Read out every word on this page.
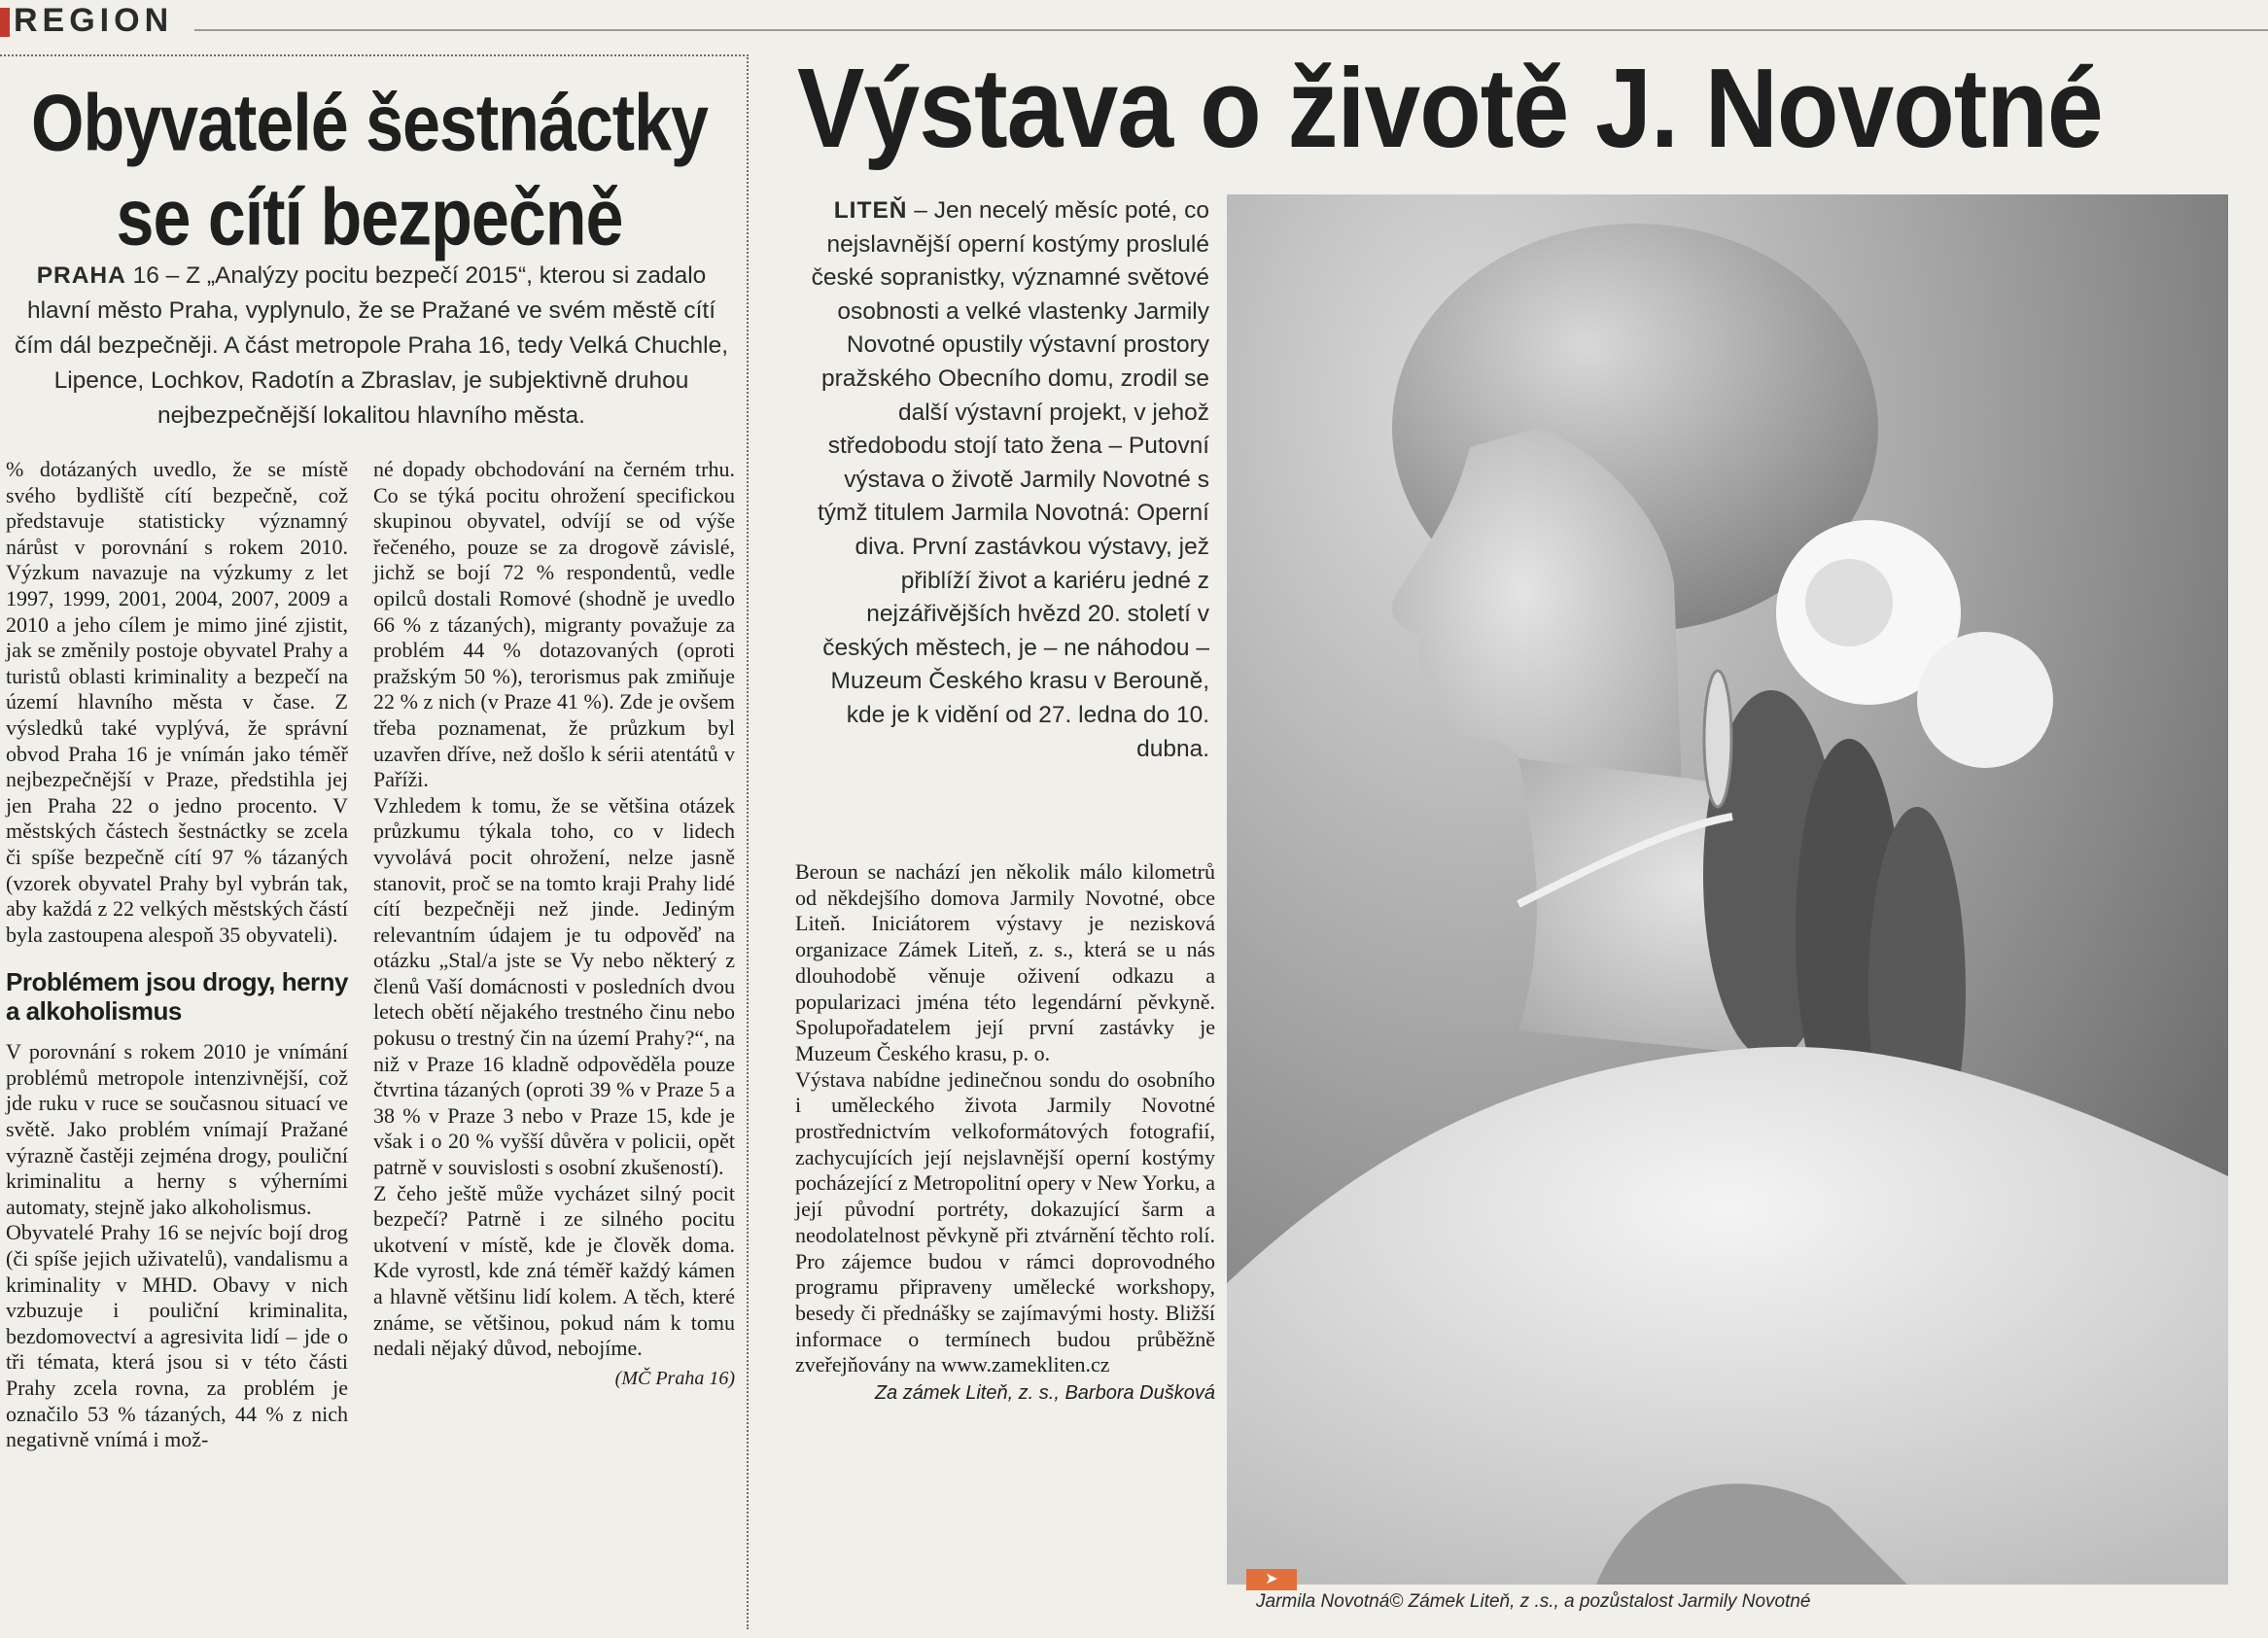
REGION
Obyvatelé šestnáctky
se cítí bezpečně
PRAHA 16 – Z „Analýzy pocitu bezpečí 2015“, kterou si zadalo hlavní město Praha, vyplynulo, že se Pražané ve svém městě cítí čím dál bezpečněji. A část metropole Praha 16, tedy Velká Chuchle, Lipence, Lochkov, Radotín a Zbraslav, je subjektivně druhou nejbezpečnější lokalitou hlavního města.

% dotázaných uvedlo, že se místě svého bydliště cítí bezpečně, což představuje statisticky významný nárůst v porovnání s rokem 2010. Výzkum navazuje na výzkumy z let 1997, 1999, 2001, 2004, 2007, 2009 a 2010 a jeho cílem je mimo jiné zjistit, jak se změnily postoje obyvatel Prahy a turistů oblasti kriminality a bezpečí na území hlavního města v čase. Z výsledků také vyplývá, že správní obvod Praha 16 je vnímán jako téměř nejbezpečnější v Praze, předstihla jej jen Praha 22 o jedno procento. V městských částech šestnáctky se zcela či spíše bezpečně cítí 97 % tázaných (vzorek obyvatel Prahy byl vybrán tak, aby každá z 22 velkých městských částí byla zastoupena alespoň 35 obyvateli).

Problémem jsou drogy, herny a alkoholismus

V porovnání s rokem 2010 je vnímání problémů metropole intenzivnější, což jde ruku v ruce se současnou situací ve světě. Jako problém vnímají Pražané výrazně častěji zejména drogy, pouliční kriminalitu a herny s výherními automaty, stejně jako alkoholismus.

Obyvatelé Prahy 16 se nejvíc bojí drog (či spíše jejich uživatelů), vandalismu a kriminality v MHD. Obavy v nich vzbuzuje i pouliční kriminalita, bezdomovectví a agresivita lidí – jde o tři témata, která jsou si v této části Prahy zcela rovna, za problém je označilo 53 % tázaných, 44 % z nich negativně vnímá i mož-

né dopady obchodování na černém trhu. Co se týká pocitu ohrožení specifickou skupinou obyvatel, odvíjí se od výše řečeného, pouze se za drogově závislé, jichž se bojí 72 % respondentů, vedle opilců dostali Romové (shodně je uvedlo 66 % z tázaných), migranty považuje za problém 44 % dotazovaných (oproti pražským 50 %), terorismus pak zmiňuje 22 % z nich (v Praze 41 %). Zde je ovšem třeba poznamenat, že průzkum byl uzavřen dříve, než došlo k sérii atentátů v Paříži.

Vzhledem k tomu, že se většina otázek průzkumu týkala toho, co v lidech vyvolává pocit ohrožení, nelze jasně stanovit, proč se na tomto kraji Prahy lidé cítí bezpečněji než jinde. Jediným relevantním údajem je tu odpověď na otázku „Stal/a jste se Vy nebo některý z členů Vaší domácnosti v posledních dvou letech obětí nějakého trestného činu nebo pokusu o trestný čin na území Prahy?“, na niž v Praze 16 kladně odpověděla pouze čtvrtina tázaných (oproti 39 % v Praze 5 a 38 % v Praze 3 nebo v Praze 15, kde je však i o 20 % vyšší důvěra v policii, opět patrně v souvislosti s osobní zkušeností).

Z čeho ještě může vycházet silný pocit bezpečí? Patrně i ze silného pocitu ukotvení v místě, kde je člověk doma. Kde vyrostl, kde zná téměř každý kámen a hlavně většinu lidí kolem. A těch, které známe, se většinou, pokud nám k tomu nedali nějaký důvod, nebojíme.

(MČ Praha 16)
Výstava o životě J. Novotné
LITEŇ – Jen necelý měsíc poté, co nejslavnější operní kostýmy proslulé české sopranistky, významné světové osobnosti a velké vlastenky Jarmily Novotné opustily výstavní prostory pražského Obecního domu, zrodil se další výstavní projekt, v jehož středobodu stojí tato žena – Putovní výstava o životě Jarmily Novotné s týmž titulem Jarmila Novotná: Operní diva. První zastávkou výstavy, jež přiblíží život a kariéru jedné z nejzářivějších hvězd 20. století v českých městech, je – ne náhodou – Muzeum Českého krasu v Berouně, kde je k vidění od 27. ledna do 10. dubna.

Beroun se nachází jen několik málo kilometrů od někdejšího domova Jarmily Novotné, obce Liteň. Iniciátorem výstavy je nezisková organizace Zámek Liteň, z. s., která se u nás dlouhodobě věnuje oživení odkazu a popularizaci jména této legendární pěvkyně. Spolupořadatelem její první zastávky je Muzeum Českého krasu, p. o.

Výstava nabídne jedinečnou sondu do osobního i uměleckého života Jarmily Novotné prostřednictvím velkoformátových fotografií, zachycujících její nejslavnější operní kostýmy pocházející z Metropolitní opery v New Yorku, a její původní portréty, dokazující šarm a neodolatelnost pěvkyně při ztvárnění těchto rolí. Pro zájemce budou v rámci doprovodného programu připraveny umělecké workshopy, besedy či přednášky se zajímavými hosty. Bližší informace o termínech budou průběžně zveřejňovány na www.zamekliten.cz

Za zámek Liteň, z. s., Barbora Dušková
➤
Jarmila Novotná© Zámek Liteň, z .s., a pozůstalost Jarmily Novotné
